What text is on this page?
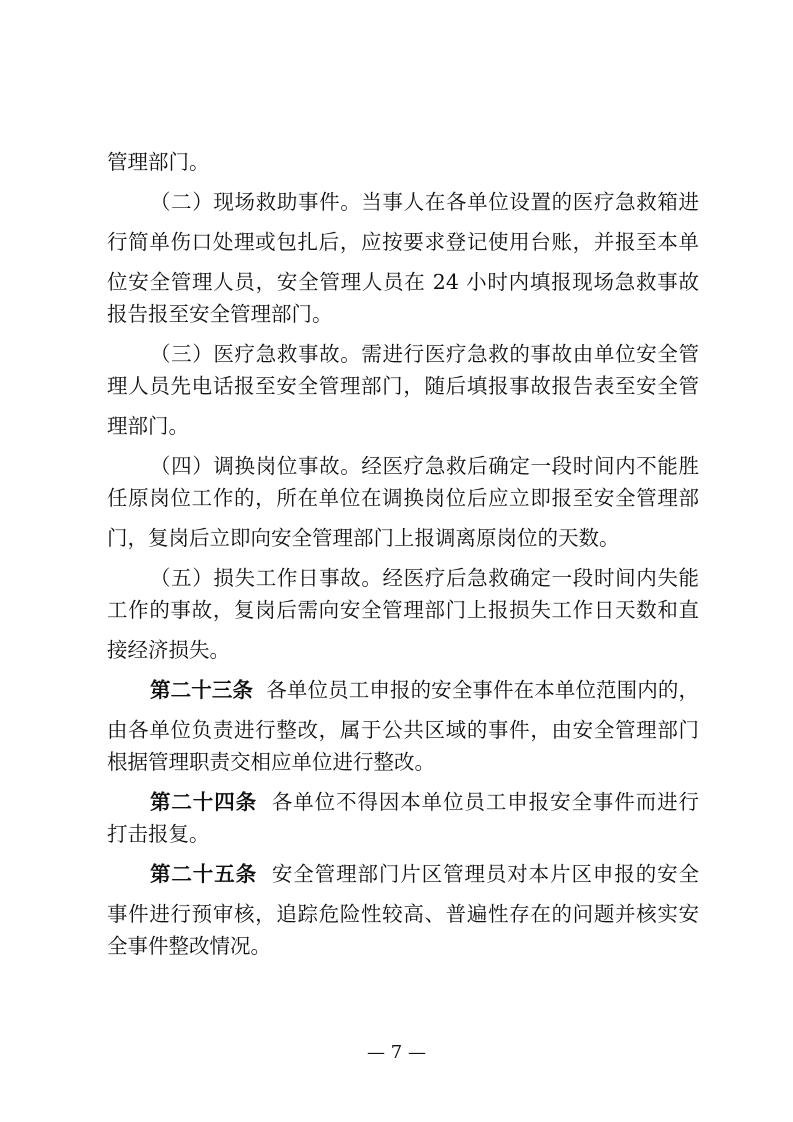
管理部门。
（二）现场救助事件。当事人在各单位设置的医疗急救箱进
行简单伤口处理或包扎后，应按要求登记使用台账，并报至本单
位安全管理人员，安全管理人员在 24 小时内填报现场急救事故
报告报至安全管理部门。
（三）医疗急救事故。需进行医疗急救的事故由单位安全管
理人员先电话报至安全管理部门，随后填报事故报告表至安全管
理部门。
（四）调换岗位事故。经医疗急救后确定一段时间内不能胜
任原岗位工作的，所在单位在调换岗位后应立即报至安全管理部
门，复岗后立即向安全管理部门上报调离原岗位的天数。
（五）损失工作日事故。经医疗后急救确定一段时间内失能
工作的事故，复岗后需向安全管理部门上报损失工作日天数和直
接经济损失。
第二十三条 各单位员工申报的安全事件在本单位范围内的，
由各单位负责进行整改，属于公共区域的事件，由安全管理部门
根据管理职责交相应单位进行整改。
第二十四条 各单位不得因本单位员工申报安全事件而进行
打击报复。
第二十五条 安全管理部门片区管理员对本片区申报的安全
事件进行预审核，追踪危险性较高、普遍性存在的问题并核实安
全事件整改情况。
— 7 —
